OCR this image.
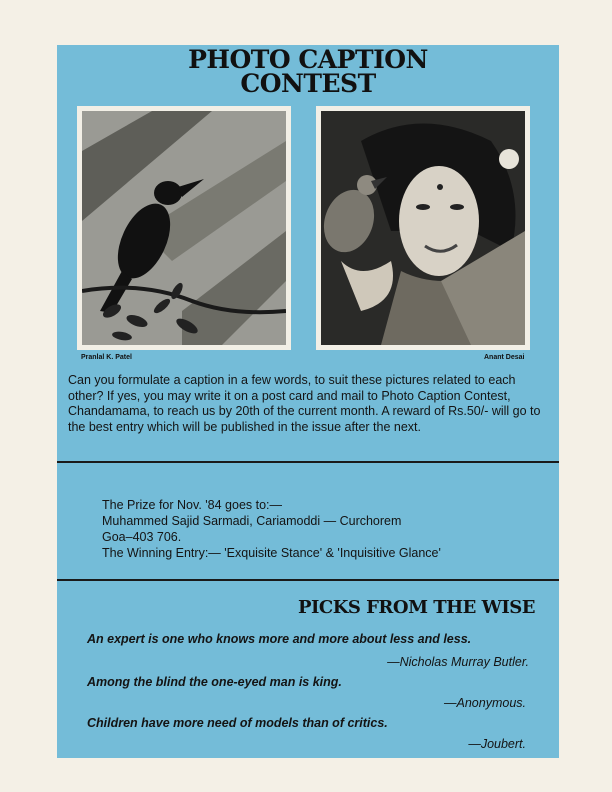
PHOTO CAPTION
CONTEST
Pranlal K. Patel	Anant Desai
Can you formulate a caption in a few words, to suit these pictures related to each other? If yes, you may write it on a post card and mail to Photo Caption Contest, Chandamama, to reach us by 20th of the current month. A reward of Rs.50/- will go to the best entry which will be published in the issue after the next.
The Prize for Nov. '84 goes to:—
Muhammed Sajid Sarmadi, Cariamoddi — Curchorem
Goa–403 706.
The Winning Entry:— 'Exquisite Stance' & 'Inquisitive Glance'
PICKS FROM THE WISE
An expert is one who knows more and more about less and less.
—Nicholas Murray Butler.
Among the blind the one-eyed man is king.
—Anonymous.
Children have more need of models than of critics.
—Joubert.
